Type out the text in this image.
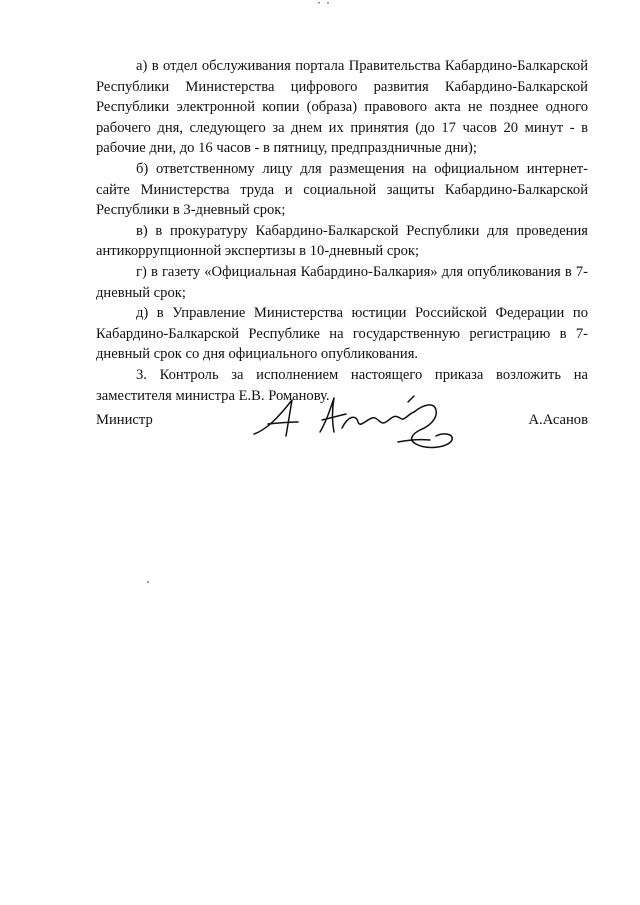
а) в отдел обслуживания портала Правительства Кабардино-Балкарской Республики Министерства цифрового развития Кабардино-Балкарской Республики электронной копии (образа) правового акта не позднее одного рабочего дня, следующего за днем их принятия (до 17 часов 20 минут - в рабочие дни, до 16 часов - в пятницу, предпраздничные дни);

б) ответственному лицу для размещения на официальном интернет-сайте Министерства труда и социальной защиты Кабардино-Балкарской Республики в 3-дневный срок;

в) в прокуратуру Кабардино-Балкарской Республики для проведения антикоррупционной экспертизы в 10-дневный срок;

г) в газету «Официальная Кабардино-Балкария» для опубликования в 7-дневный срок;

д) в Управление Министерства юстиции Российской Федерации по Кабардино-Балкарской Республике на государственную регистрацию в 7-дневный срок со дня официального опубликования.

3. Контроль за исполнением настоящего приказа возложить на заместителя министра Е.В. Романову.

Министр	А.Асанов
